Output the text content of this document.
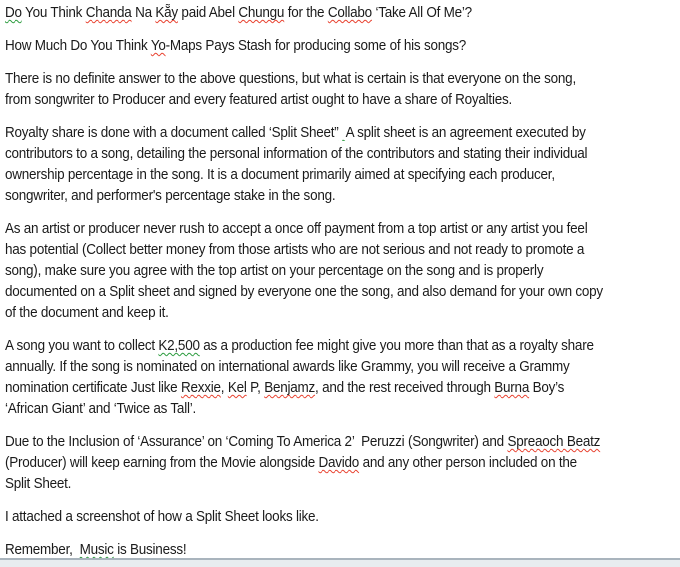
Do You Think Chanda Na Kẵy paid Abel Chungu for the Collabo ‘Take All Of Me’?
How Much Do You Think Yo-Maps Pays Stash for producing some of his songs?
There is no definite answer to the above questions, but what is certain is that everyone on the song,
from songwriter to Producer and every featured artist ought to have a share of Royalties.
Royalty share is done with a document called ‘Split Sheet” A split sheet is an agreement executed by
contributors to a song, detailing the personal information of the contributors and stating their individual
ownership percentage in the song. It is a document primarily aimed at specifying each producer,
songwriter, and performer's percentage stake in the song.
As an artist or producer never rush to accept a once off payment from a top artist or any artist you feel
has potential (Collect better money from those artists who are not serious and not ready to promote a
song), make sure you agree with the top artist on your percentage on the song and is properly
documented on a Split sheet and signed by everyone one the song, and also demand for your own copy
of the document and keep it.
A song you want to collect K2,500 as a production fee might give you more than that as a royalty share
annually. If the song is nominated on international awards like Grammy, you will receive a Grammy
nomination certificate Just like Rexxie, Kel P, Benjamz, and the rest received through Burna Boy’s
‘African Giant’ and ‘Twice as Tall’.
Due to the Inclusion of ‘Assurance’ on ‘Coming To America 2’  Peruzzi (Songwriter) and Spreaoch Beatz
(Producer) will keep earning from the Movie alongside Davido and any other person included on the
Split Sheet.
I attached a screenshot of how a Split Sheet looks like.
Remember,  Music is Business!
